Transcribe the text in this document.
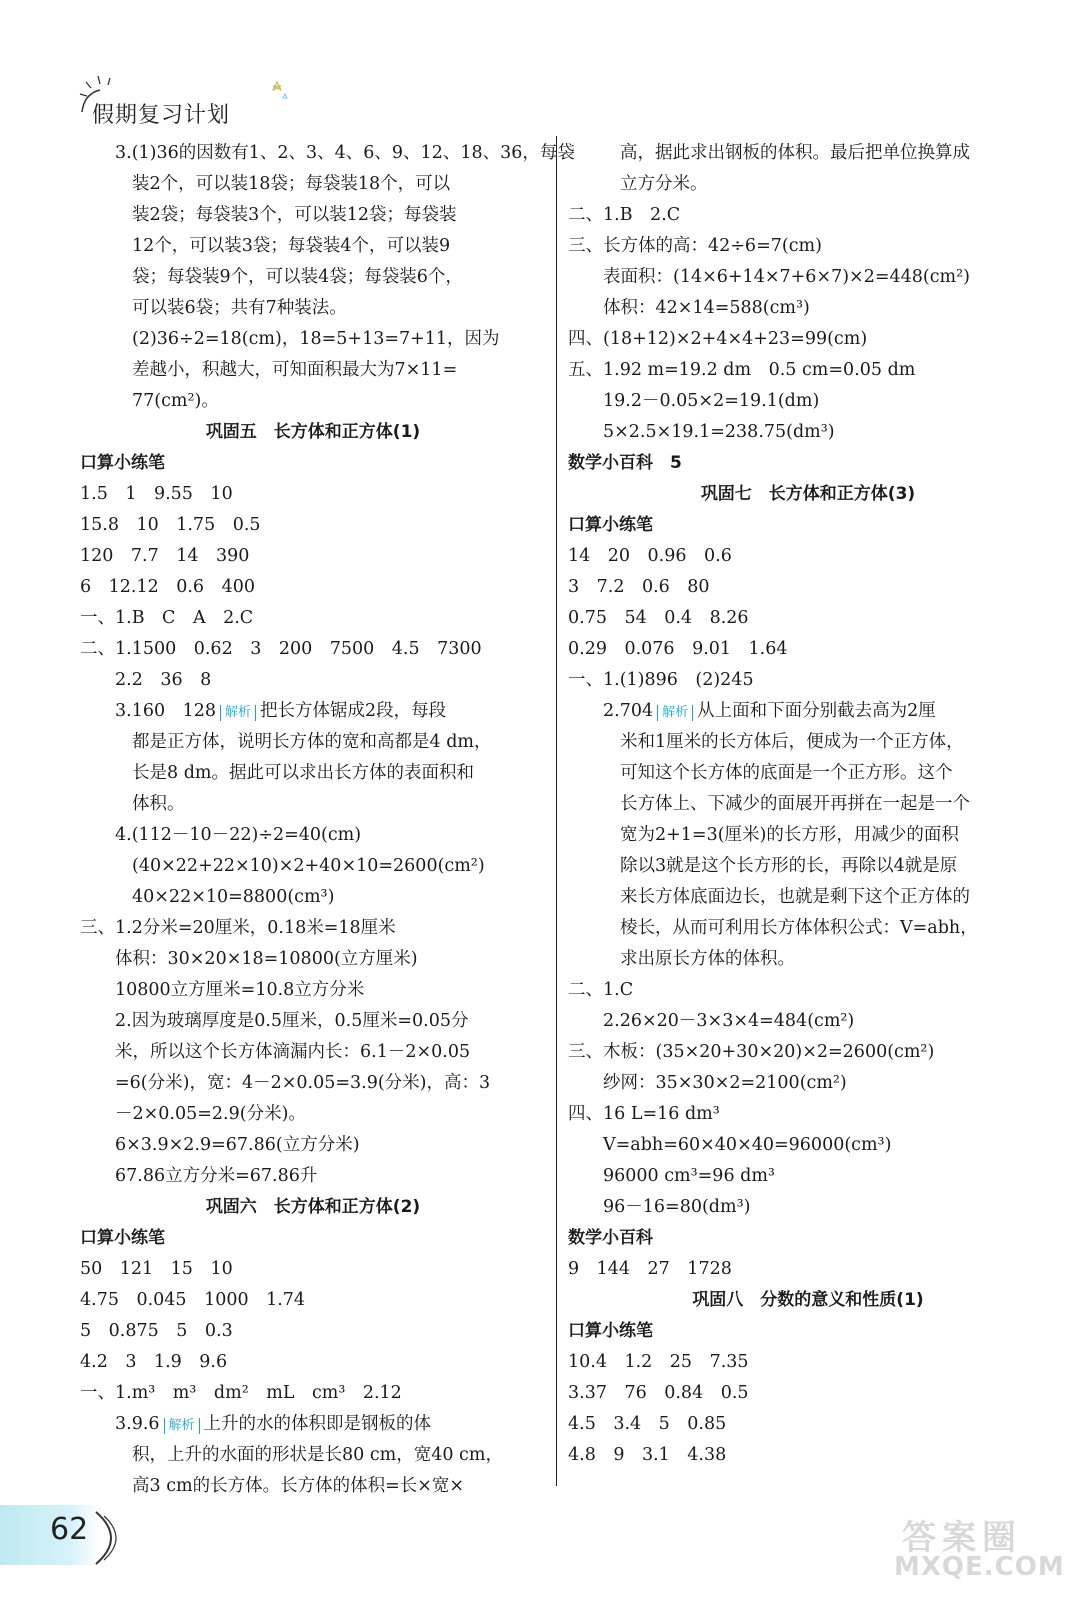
假期复习计划
3.(1)36的因数有1、2、3、4、6、9、12、18、36，每袋
装2个，可以装18袋；每袋装18个，可以
装2袋；每袋装3个，可以装12袋；每袋装
12个，可以装3袋；每袋装4个，可以装9
袋；每袋装9个，可以装4袋；每袋装6个，
可以装6袋；共有7种装法。
(2)36÷2=18(cm)，18=5+13=7+11，因为
差越小，积越大，可知面积最大为7×11=
77(cm²)。
巩固五　长方体和正方体(1)
口算小练笔
1.5　1　9.55　10
15.8　10　1.75　0.5
120　7.7　14　390
6　12.12　0.6　400
一、1.B　C　A　2.C
二、1.1500　0.62　3　200　7500　4.5　7300
2.2　36　8
3.160　128 解析 把长方体锯成2段，每段
都是正方体，说明长方体的宽和高都是4 dm，
长是8 dm。据此可以求出长方体的表面积和
体积。
4.(112－10－22)÷2=40(cm)
(40×22+22×10)×2+40×10=2600(cm²)
40×22×10=8800(cm³)
三、1.2分米=20厘米，0.18米=18厘米
体积：30×20×18=10800(立方厘米)
10800立方厘米=10.8立方分米
2.因为玻璃厚度是0.5厘米，0.5厘米=0.05分
米，所以这个长方体滴漏内长：6.1－2×0.05
=6(分米)，宽：4－2×0.05=3.9(分米)，高：3
－2×0.05=2.9(分米)。
6×3.9×2.9=67.86(立方分米)
67.86立方分米=67.86升
巩固六　长方体和正方体(2)
口算小练笔
50　121　15　10
4.75　0.045　1000　1.74
5　0.875　5　0.3
4.2　3　1.9　9.6
一、1.m³　m³　dm²　mL　cm³　2.12
3.9.6 解析 上升的水的体积即是钢板的体
积，上升的水面的形状是长80 cm，宽40 cm，
高3 cm的长方体。长方体的体积=长×宽×
高，据此求出钢板的体积。最后把单位换算成
立方分米。
二、1.B　2.C
三、长方体的高：42÷6=7(cm)
表面积：(14×6+14×7+6×7)×2=448(cm²)
体积：42×14=588(cm³)
四、(18+12)×2+4×4+23=99(cm)
五、1.92 m=19.2 dm　0.5 cm=0.05 dm
19.2－0.05×2=19.1(dm)
5×2.5×19.1=238.75(dm³)
数学小百科　5
巩固七　长方体和正方体(3)
口算小练笔
14　20　0.96　0.6
3　7.2　0.6　80
0.75　54　0.4　8.26
0.29　0.076　9.01　1.64
一、1.(1)896　(2)245
2.704 解析 从上面和下面分别截去高为2厘
米和1厘米的长方体后，便成为一个正方体，
可知这个长方体的底面是一个正方形。这个
长方体上、下减少的面展开再拼在一起是一个
宽为2+1=3(厘米)的长方形，用减少的面积
除以3就是这个长方形的长，再除以4就是原
来长方体底面边长，也就是剩下这个正方体的
棱长，从而可利用长方体体积公式：V=abh，
求出原长方体的体积。
二、1.C
2.26×20－3×3×4=484(cm²)
三、木板：(35×20+30×20)×2=2600(cm²)
纱网：35×30×2=2100(cm²)
四、16 L=16 dm³
V=abh=60×40×40=96000(cm³)
96000 cm³=96 dm³
96－16=80(dm³)
数学小百科
9　144　27　1728
巩固八　分数的意义和性质(1)
口算小练笔
10.4　1.2　25　7.35
3.37　76　0.84　0.5
4.5　3.4　5　0.85
4.8　9　3.1　4.38
62	答案圈
MXQE.COM
